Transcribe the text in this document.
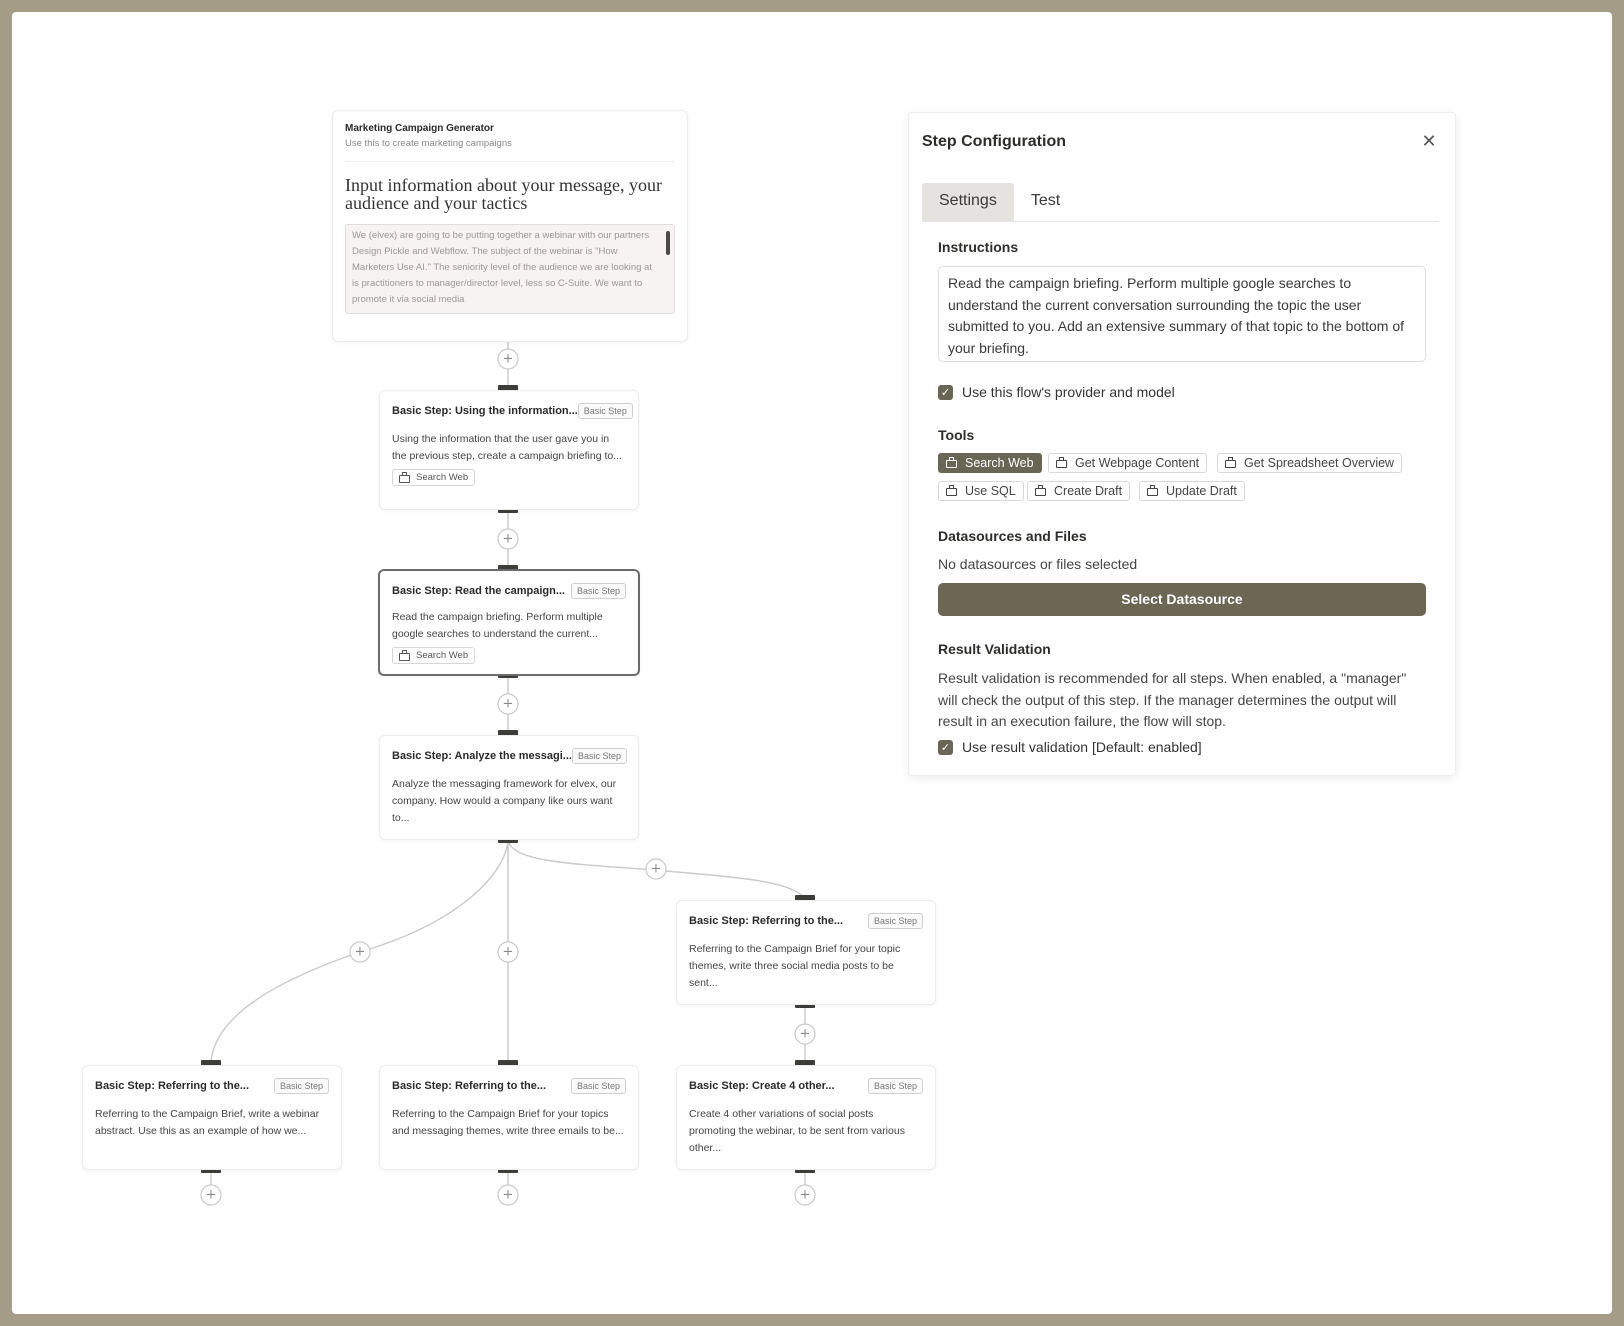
+
+
+
+
+	+
+
+	+	+
Marketing Campaign Generator
Use this to create marketing campaigns
Input information about your message, your audience and your tactics
We (elvex) are going to be putting together a webinar with our partners Design Pickle and Webflow. The subject of the webinar is "How Marketers Use AI." The seniority level of the audience we are looking at is practitioners to manager/director level, less so C-Suite. We want to promote it via social media
Basic Step: Using the information... Basic Step
Using the information that the user gave you in the previous step, create a campaign briefing to...
Search Web
Basic Step: Read the campaign...	Basic Step
Read the campaign briefing. Perform multiple google searches to understand the current...
Search Web
Basic Step: Analyze the messagi... Basic Step
Analyze the messaging framework for elvex, our company. How would a company like ours want to...
Basic Step: Referring to the...	Basic Step
Referring to the Campaign Brief for your topic themes, write three social media posts to be sent...
Basic Step: Referring to the...	Basic Step
Referring to the Campaign Brief, write a webinar abstract. Use this as an example of how we...
Basic Step: Referring to the...	Basic Step
Referring to the Campaign Brief for your topics and messaging themes, write three emails to be...
Basic Step: Create 4 other...	Basic Step
Create 4 other variations of social posts promoting the webinar, to be sent from various other...
Step Configuration	✕
Settings	Test
Instructions
Read the campaign briefing. Perform multiple google searches to understand the current conversation surrounding the topic the user submitted to you. Add an extensive summary of that topic to the bottom of your briefing.
✓ Use this flow's provider and model
Tools
Search Web	Get Webpage Content	Get Spreadsheet Overview
Use SQL	Create Draft	Update Draft
Datasources and Files
No datasources or files selected
Select Datasource
Result Validation
Result validation is recommended for all steps. When enabled, a "manager" will check the output of this step. If the manager determines the output will result in an execution failure, the flow will stop.
✓ Use result validation [Default: enabled]
